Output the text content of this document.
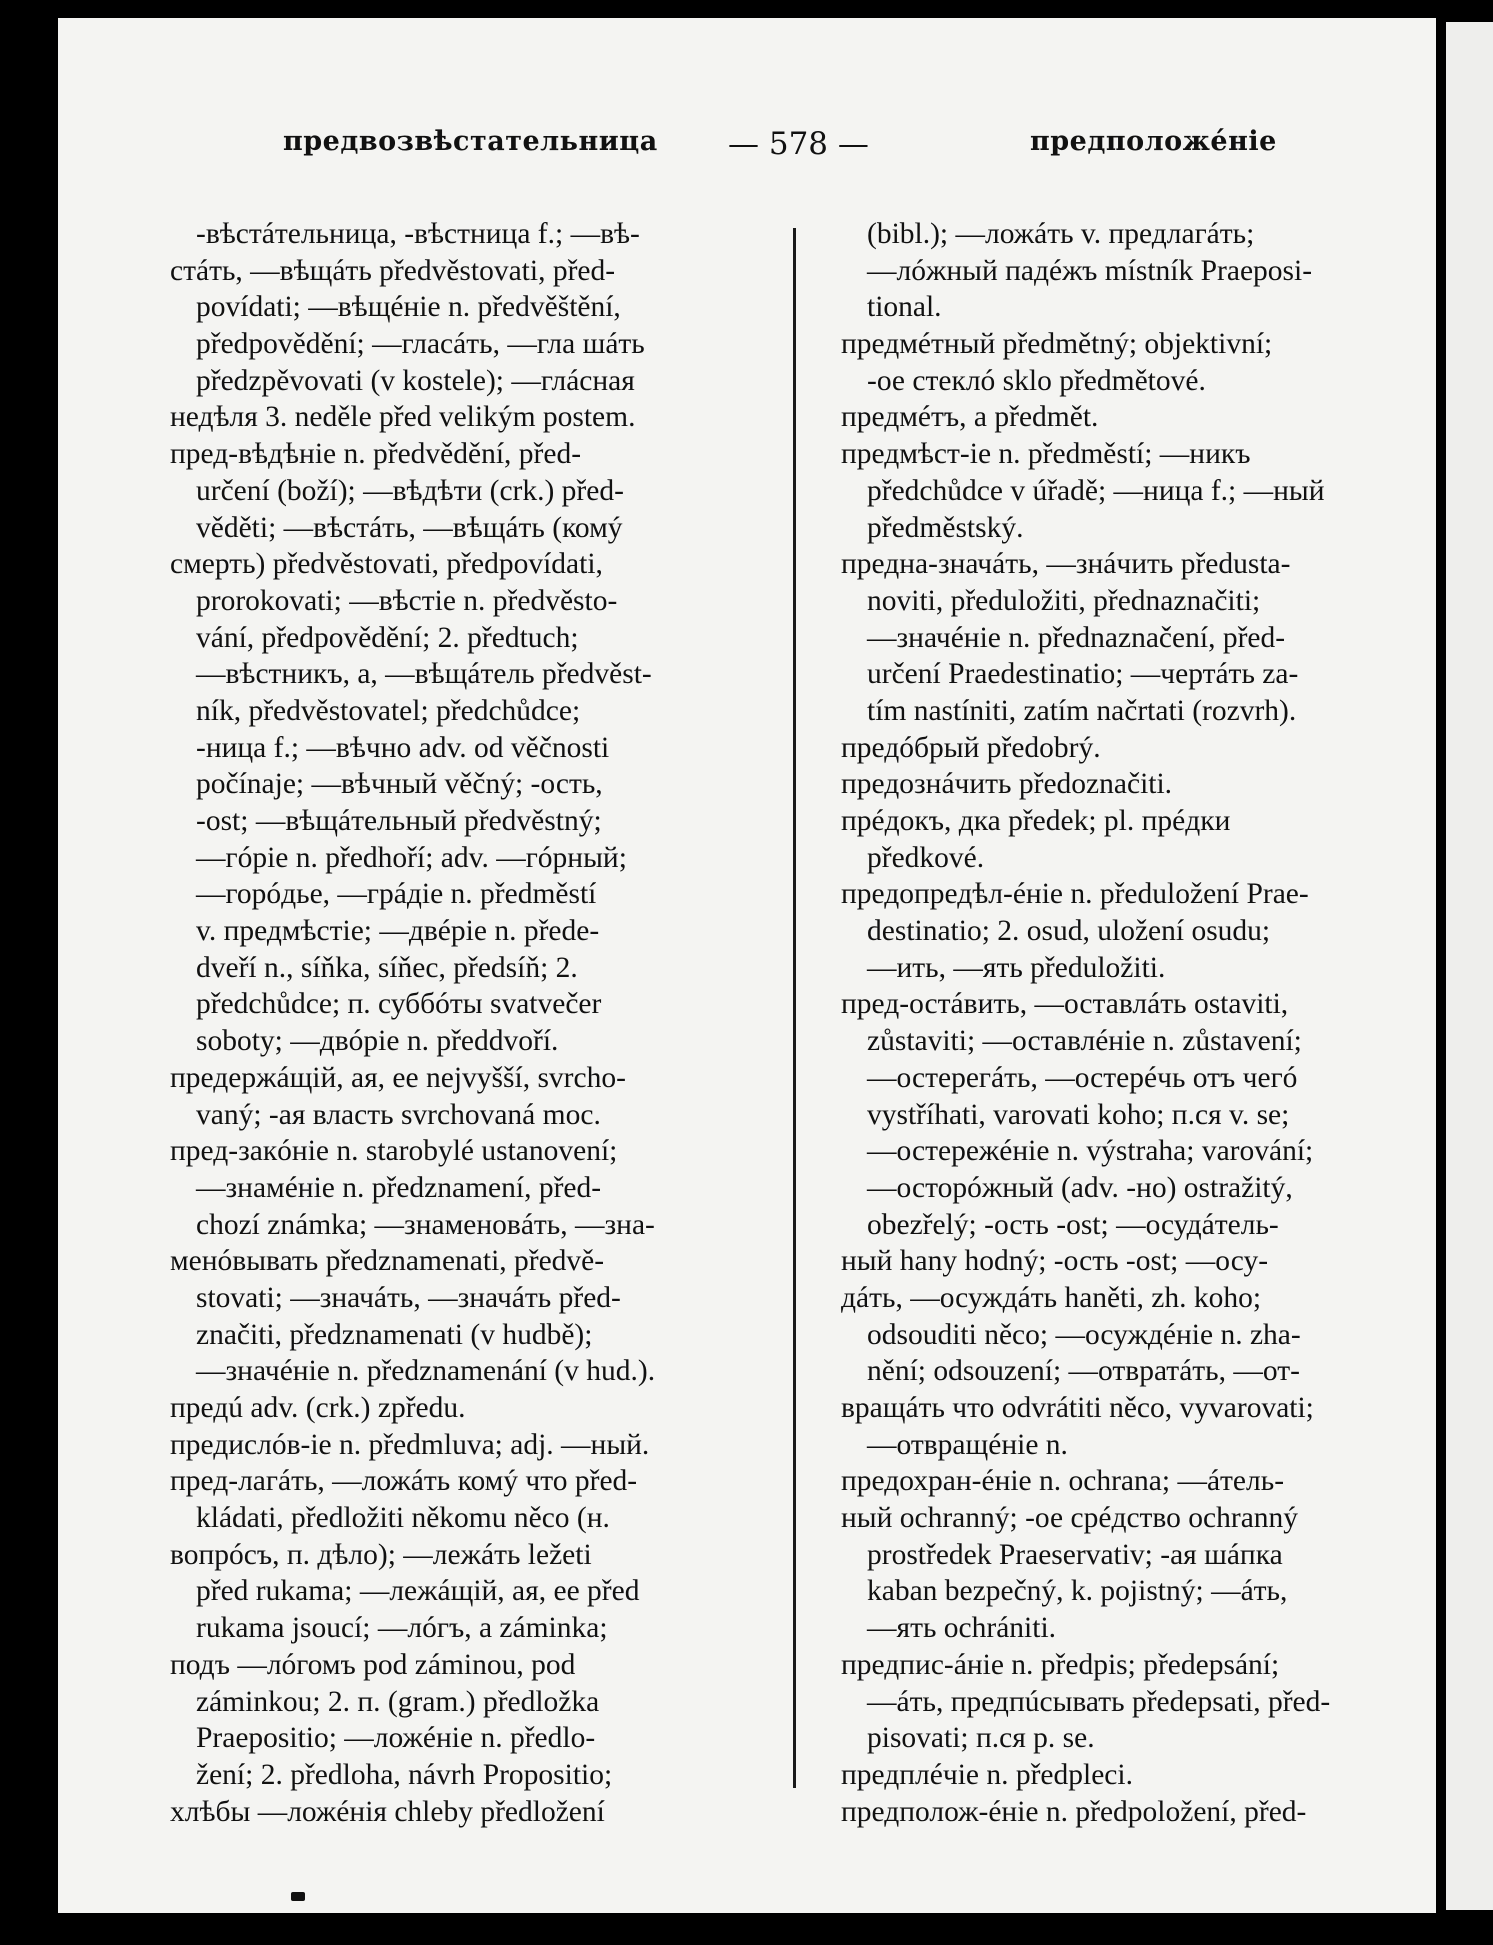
предвозвѣстательница — 578 —	предположéніе
-вѣстáтельница, -вѣстница f.; —вѣ-
стáть, —вѣщáть předvěstovati, před-
povídati; —вѣщéніе n. předvěštění,
předpovědění; —гласáть, —гла шáть
předzpěvovati (v kostele); —глáсная
недѣля 3. neděle před velikým postem.
пред-вѣдѣніе n. předvědění, před-
určení (boží); —вѣдѣти (crk.) před-
věděti; —вѣстáть, —вѣщáть (комý
смерть) předvěstovati, předpovídati,
prorokovati; —вѣстіе n. předvěsto-
vání, předpovědění; 2. předtuch;
—вѣстникъ, а, —вѣщáтель předvěst-
ník, předvěstovatel; předchůdce;
-ница f.; —вѣчно adv. od věčnosti
počínaje; —вѣчный věčný; -ость,
-ost; —вѣщáтельный předvěstný;
—гóріе n. předhoří; adv. —гóрный;
—горóдье, —грáдіе n. předměstí
v. предмѣстіе; —двéріе n. přede-
dveří n., síňka, síňec, předsíň; 2.
předchůdce; п. суббóты svatvečer
soboty; —двóріе n. předdvoří.
предержáщій, ая, ее nejvyšší, svrcho-
vaný; -ая власть svrchovaná moc.
пред-закóніе n. starobylé ustanovení;
—знамéніе n. předznamení, před-
chozí známka; —знаменовáть, —зна-
менóвывать předznamenati, předvě-
stovati; —значáть, —значáть před-
značiti, předznamenati (v hudbě);
—значéніе n. předznamenání (v hud.).
предú adv. (crk.) zpředu.
предислóв-іе n. předmluva; adj. —ный.
пред-лагáть, —ложáть комý что před-
kládati, předložiti někomu něco (н.
вопрóсъ, п. дѣло); —лежáть ležeti
před rukama; —лежáщій, ая, ее před
rukama jsoucí; —лóгъ, а záminka;
подъ —лóгомъ pod záminou, pod
záminkou; 2. п. (gram.) předložka
Praepositio; —ложéніе n. předlo-
žení; 2. předloha, návrh Propositio;
хлѣбы —ложéнія chleby předložení
(bibl.); —ложáть v. предлагáть;
—лóжный падéжъ místník Praeposi-
tional.
предмéтный předmětný; objektivní;
-ое стеклó sklo předmětové.
предмéтъ, а předmět.
предмѣст-іе n. předměstí; —никъ
předchůdce v úřadě; —ница f.; —ный
předměstský.
предна-значáть, —знáчить předusta-
noviti, předuložiti, přednaznačiti;
—значéніе n. přednaznačení, před-
určení Praedestinatio; —чертáть za-
tím nastíniti, zatím načrtati (rozvrh).
предóбрый předobrý.
предознáчить předoznačiti.
прéдокъ, дка předek; pl. прéдки
předkové.
предопредѣл-éніе n. předuložení Prae-
destinatio; 2. osud, uložení osudu;
—ить, —ять předuložiti.
пред-остáвить, —оставлáть ostaviti,
zůstaviti; —оставлéніе n. zůstavení;
—остерегáть, —остерéчь отъ чегó
vystříhati, varovati koho; п.ся v. se;
—остережéніе n. výstraha; varování;
—осторóжный (adv. -но) ostražitý,
obezřelý; -ость -ost; —осудáтель-
ный hany hodný; -ость -ost; —осу-
дáть, —осуждáть haněti, zh. koho;
odsouditi něco; —осуждéніе n. zha-
nění; odsouzení; —отвратáть, —от-
вращáть что odvrátiti něco, vyvarovati;
—отвращéніе n.
предохран-éніе n. ochrana; —áтель-
ный ochranný; -ое срéдство ochranný
prostředek Praeservativ; -ая шáпка
kaban bezpečný, k. pojistný; —áть,
—ять ochrániti.
предпис-áніе n. předpis; předepsání;
—áть, предпúсывать předepsati, před-
pisovati; п.ся p. se.
предплéчіе n. předpleci.
предполож-éніе n. předpoložení, před-
